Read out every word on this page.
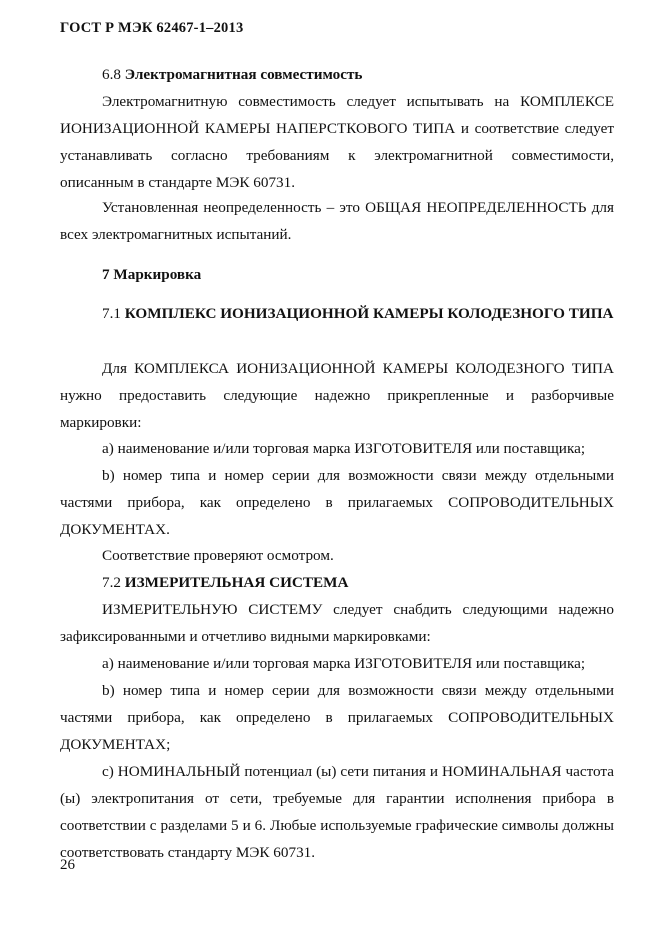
ГОСТ Р МЭК 62467-1–2013

6.8 Электромагнитная совместимость

Электромагнитную совместимость следует испытывать на КОМПЛЕКСЕ ИОНИЗАЦИОННОЙ КАМЕРЫ НАПЕРСТКОВОГО ТИПА и соответствие следует устанавливать согласно требованиям к электромагнитной совместимости, описанным в стандарте МЭК 60731.

Установленная неопределенность – это ОБЩАЯ НЕОПРЕДЕЛЕННОСТЬ для всех электромагнитных испытаний.

7 Маркировка

7.1 КОМПЛЕКС ИОНИЗАЦИОННОЙ КАМЕРЫ КОЛОДЕЗНОГО ТИПА

Для КОМПЛЕКСА ИОНИЗАЦИОННОЙ КАМЕРЫ КОЛОДЕЗНОГО ТИПА нужно предоставить следующие надежно прикрепленные и разборчивые маркировки:

а) наименование и/или торговая марка ИЗГОТОВИТЕЛЯ или поставщика;

b) номер типа и номер серии для возможности связи между отдельными частями прибора, как определено в прилагаемых СОПРОВОДИТЕЛЬНЫХ ДОКУМЕНТАХ.

Соответствие проверяют осмотром.

7.2 ИЗМЕРИТЕЛЬНАЯ СИСТЕМА

ИЗМЕРИТЕЛЬНУЮ СИСТЕМУ следует снабдить следующими надежно зафиксированными и отчетливо видными маркировками:

а) наименование и/или торговая марка ИЗГОТОВИТЕЛЯ или поставщика;

b) номер типа и номер серии для возможности связи между отдельными частями прибора, как определено в прилагаемых СОПРОВОДИТЕЛЬНЫХ ДОКУМЕНТАХ;

c) НОМИНАЛЬНЫЙ потенциал (ы) сети питания и НОМИНАЛЬНАЯ частота (ы) электропитания от сети, требуемые для гарантии исполнения прибора в соответствии с разделами 5 и 6. Любые используемые графические символы должны соответствовать стандарту МЭК 60731.

26
